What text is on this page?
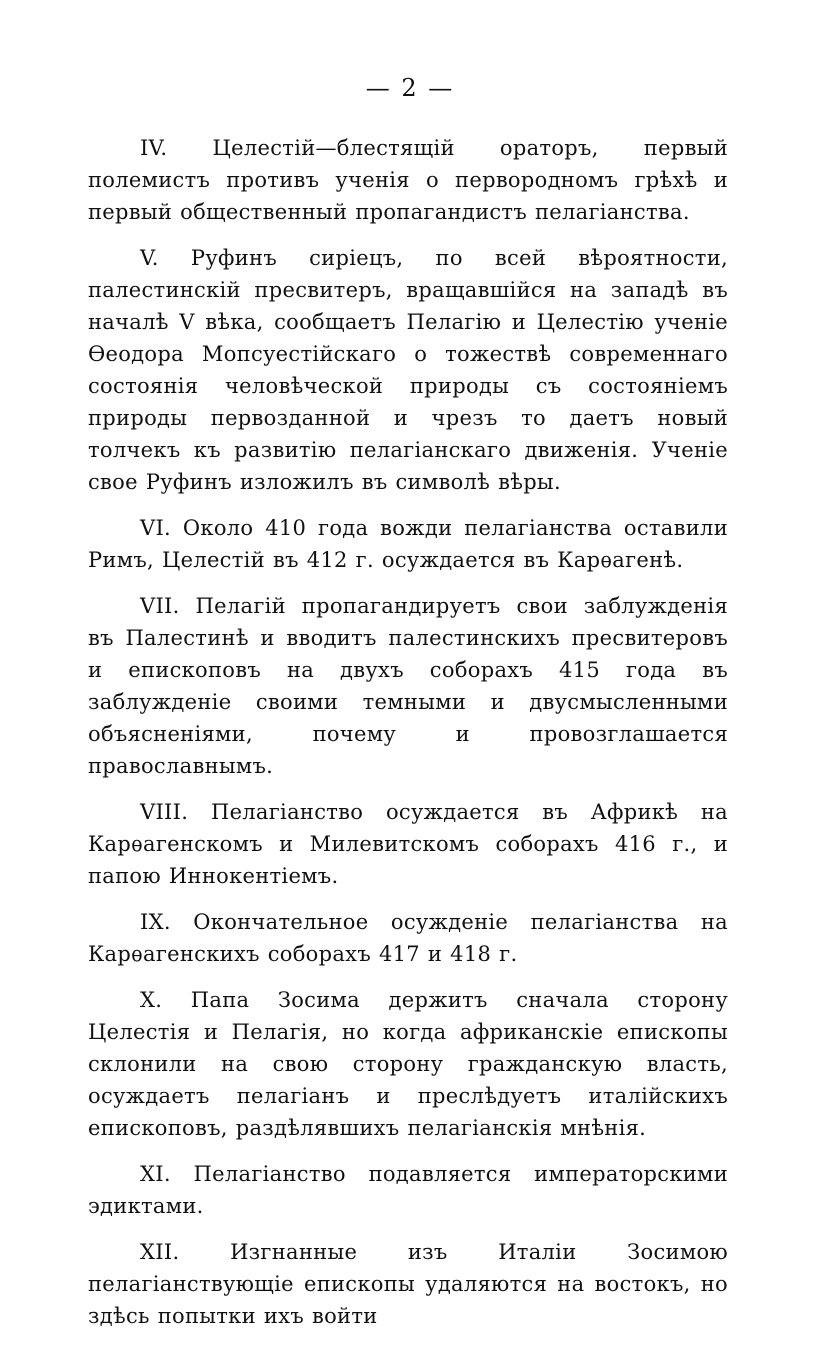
— 2 —

IV. Целестій—блестящій ораторъ, первый полемистъ противъ ученія о первородномъ грѣхѣ и первый общественный пропагандистъ пелагіанства.

V. Руфинъ сиріецъ, по всей вѣроятности, палестинскій пресвитеръ, вращавшійся на западѣ въ началѣ V вѣка, сообщаетъ Пелагію и Целестію ученіе Ѳеодора Мопсуестійскаго о тожествѣ современнаго состоянія человѣческой природы съ состояніемъ природы первозданной и чрезъ то даетъ новый толчекъ къ развитію пелагіанскаго движенія. Ученіе свое Руфинъ изложилъ въ символѣ вѣры.

VI. Около 410 года вожди пелагіанства оставили Римъ, Целестій въ 412 г. осуждается въ Карѳагенѣ.

VII. Пелагій пропагандируетъ свои заблужденія въ Палестинѣ и вводитъ палестинскихъ пресвитеровъ и епископовъ на двухъ соборахъ 415 года въ заблужденіе своими темными и двусмысленными объясненіями, почему и провозглашается православнымъ.

VIII. Пелагіанство осуждается въ Африкѣ на Карѳагенскомъ и Милевитскомъ соборахъ 416 г., и папою Иннокентіемъ.

IX. Окончательное осужденіе пелагіанства на Карѳагенскихъ соборахъ 417 и 418 г.

X. Папа Зосима держитъ сначала сторону Целестія и Пелагія, но когда африканскіе епископы склонили на свою сторону гражданскую власть, осуждаетъ пелагіанъ и преслѣдуетъ италійскихъ епископовъ, раздѣлявшихъ пелагіанскія мнѣнія.

XI. Пелагіанство подавляется императорскими эдиктами.

XII. Изгнанные изъ Италіи Зосимою пелагіанствующіе епископы удаляются на востокъ, но здѣсь попытки ихъ войти
